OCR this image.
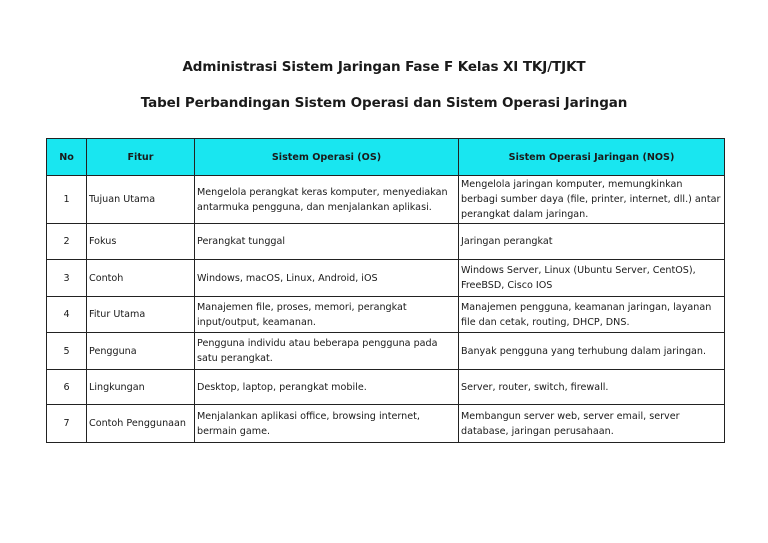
Administrasi Sistem Jaringan Fase F Kelas XI TKJ/TJKT
Tabel Perbandingan Sistem Operasi dan Sistem Operasi Jaringan
No	Fitur	Sistem Operasi (OS)	Sistem Operasi Jaringan (NOS)
1	Tujuan Utama	Mengelola perangkat keras komputer, menyediakan antarmuka pengguna, dan menjalankan aplikasi.	Mengelola jaringan komputer, memungkinkan berbagi sumber daya (file, printer, internet, dll.) antar perangkat dalam jaringan.
2	Fokus	Perangkat tunggal	Jaringan perangkat
3	Contoh	Windows, macOS, Linux, Android, iOS	Windows Server, Linux (Ubuntu Server, CentOS), FreeBSD, Cisco IOS
4	Fitur Utama	Manajemen file, proses, memori, perangkat input/output, keamanan.	Manajemen pengguna, keamanan jaringan, layanan file dan cetak, routing, DHCP, DNS.
5	Pengguna	Pengguna individu atau beberapa pengguna pada satu perangkat.	Banyak pengguna yang terhubung dalam jaringan.
6	Lingkungan	Desktop, laptop, perangkat mobile.	Server, router, switch, firewall.
7	Contoh Penggunaan	Menjalankan aplikasi office, browsing internet, bermain game.	Membangun server web, server email, server database, jaringan perusahaan.
